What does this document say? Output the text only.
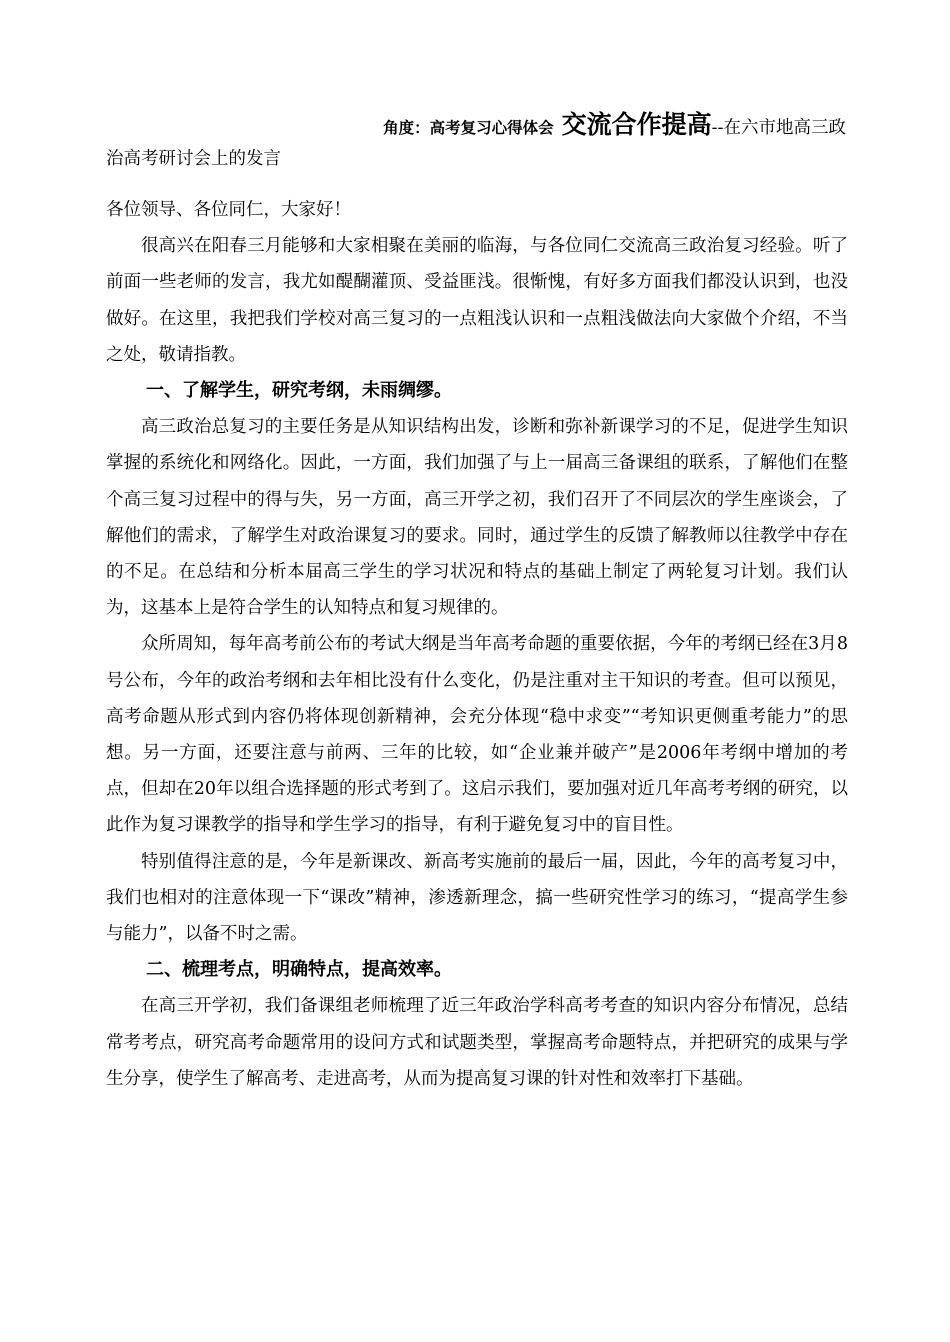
角度：高考复习心得体会 交流合作提高--在六市地高三政
治高考研讨会上的发言

各位领导、各位同仁，大家好！

很高兴在阳春三月能够和大家相聚在美丽的临海，与各位同仁交流高三政治复习经验。听了前面一些老师的发言，我尤如醍醐灌顶、受益匪浅。很惭愧，有好多方面我们都没认识到，也没做好。在这里，我把我们学校对高三复习的一点粗浅认识和一点粗浅做法向大家做个介绍，不当之处，敬请指教。

一、了解学生，研究考纲，未雨绸缪。

高三政治总复习的主要任务是从知识结构出发，诊断和弥补新课学习的不足，促进学生知识掌握的系统化和网络化。因此，一方面，我们加强了与上一届高三备课组的联系，了解他们在整个高三复习过程中的得与失，另一方面，高三开学之初，我们召开了不同层次的学生座谈会，了解他们的需求，了解学生对政治课复习的要求。同时，通过学生的反馈了解教师以往教学中存在的不足。在总结和分析本届高三学生的学习状况和特点的基础上制定了两轮复习计划。我们认为，这基本上是符合学生的认知特点和复习规律的。

众所周知，每年高考前公布的考试大纲是当年高考命题的重要依据，今年的考纲已经在3月8号公布，今年的政治考纲和去年相比没有什么变化，仍是注重对主干知识的考查。但可以预见，高考命题从形式到内容仍将体现创新精神，会充分体现“稳中求变”“考知识更侧重考能力”的思想。另一方面，还要注意与前两、三年的比较，如“企业兼并破产”是2006年考纲中增加的考点，但却在20年以组合选择题的形式考到了。这启示我们，要加强对近几年高考考纲的研究，以此作为复习课教学的指导和学生学习的指导，有利于避免复习中的盲目性。

特别值得注意的是，今年是新课改、新高考实施前的最后一届，因此，今年的高考复习中，我们也相对的注意体现一下“课改”精神，渗透新理念，搞一些研究性学习的练习，“提高学生参与能力”，以备不时之需。

二、梳理考点，明确特点，提高效率。

在高三开学初，我们备课组老师梳理了近三年政治学科高考考查的知识内容分布情况，总结常考考点，研究高考命题常用的设问方式和试题类型，掌握高考命题特点，并把研究的成果与学生分享，使学生了解高考、走进高考，从而为提高复习课的针对性和效率打下基础。
